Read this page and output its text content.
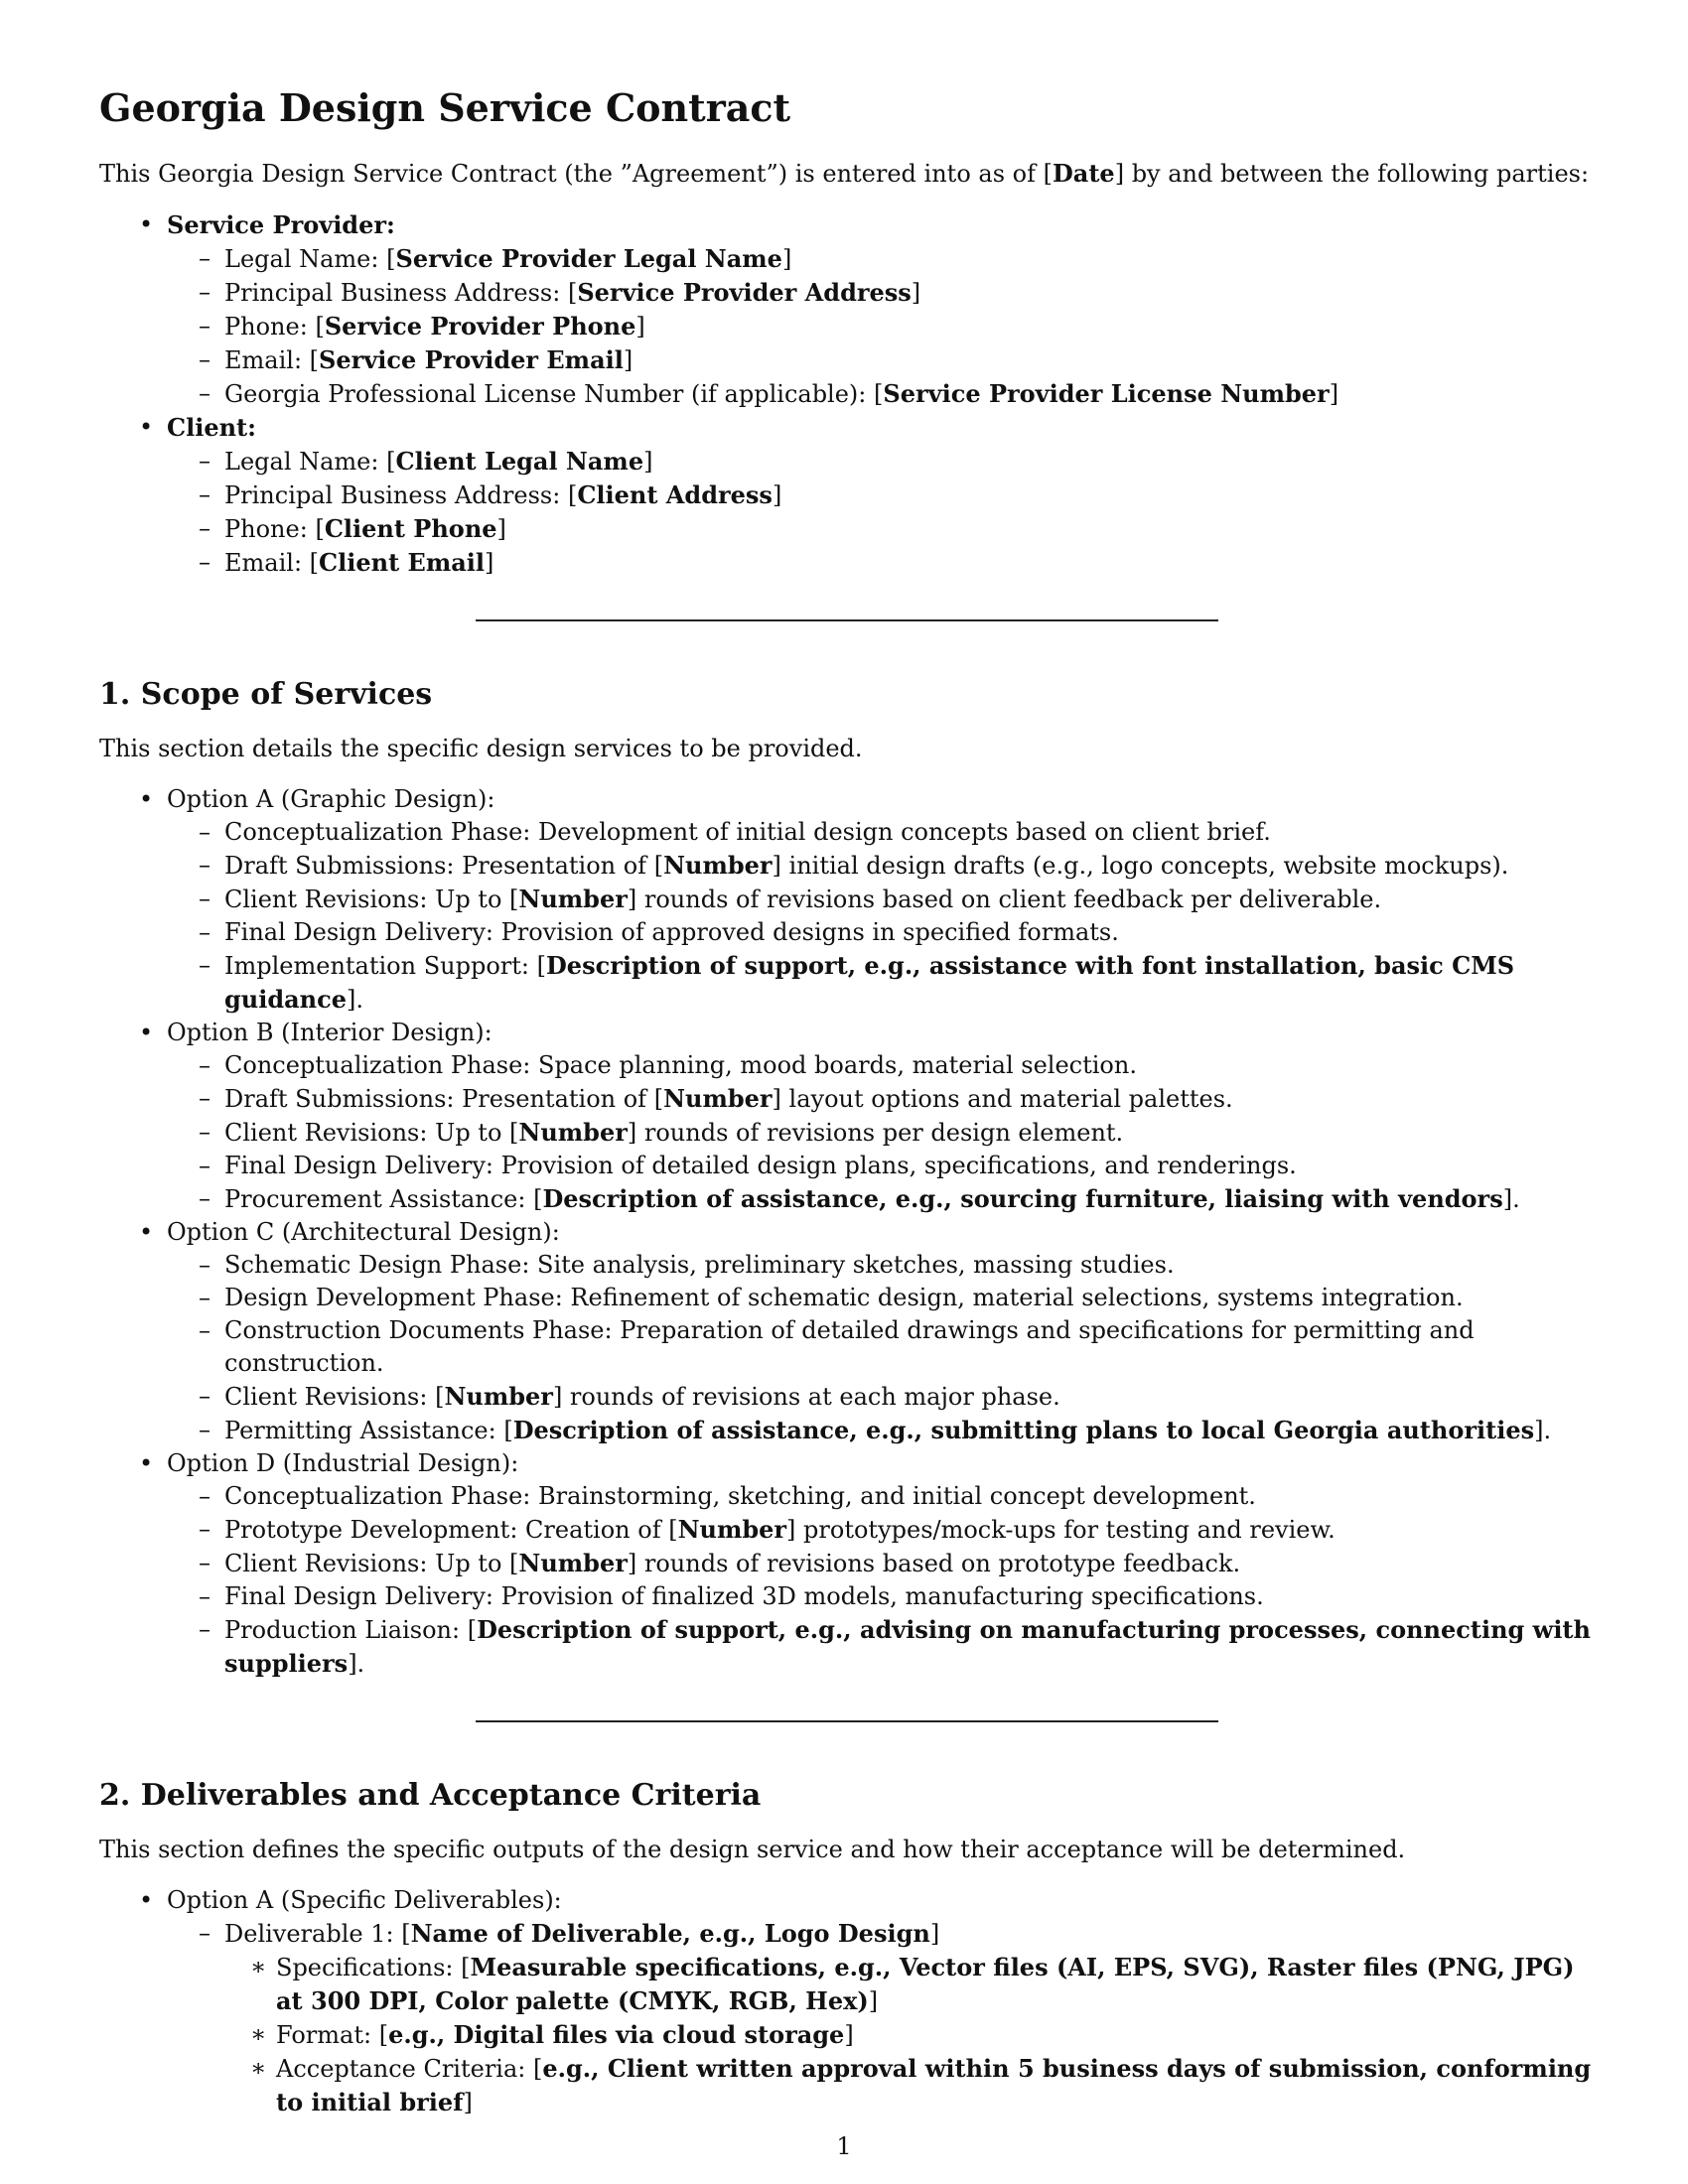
Georgia Design Service Contract

This Georgia Design Service Contract (the ”Agreement”) is entered into as of [Date] by and between the following parties:

• Service Provider:
– Legal Name: [Service Provider Legal Name]
– Principal Business Address: [Service Provider Address]
– Phone: [Service Provider Phone]
– Email: [Service Provider Email]
– Georgia Professional License Number (if applicable): [Service Provider License Number]
• Client:
– Legal Name: [Client Legal Name]
– Principal Business Address: [Client Address]
– Phone: [Client Phone]
– Email: [Client Email]
1. Scope of Services

This section details the specific design services to be provided.

• Option A (Graphic Design):
– Conceptualization Phase: Development of initial design concepts based on client brief.
– Draft Submissions: Presentation of [Number] initial design drafts (e.g., logo concepts, website mockups).
– Client Revisions: Up to [Number] rounds of revisions based on client feedback per deliverable.
– Final Design Delivery: Provision of approved designs in specified formats.
– Implementation Support: [Description of support, e.g., assistance with font installation, basic CMS guidance].
• Option B (Interior Design):
– Conceptualization Phase: Space planning, mood boards, material selection.
– Draft Submissions: Presentation of [Number] layout options and material palettes.
– Client Revisions: Up to [Number] rounds of revisions per design element.
– Final Design Delivery: Provision of detailed design plans, specifications, and renderings.
– Procurement Assistance: [Description of assistance, e.g., sourcing furniture, liaising with vendors].
• Option C (Architectural Design):
– Schematic Design Phase: Site analysis, preliminary sketches, massing studies.
– Design Development Phase: Refinement of schematic design, material selections, systems integration.
– Construction Documents Phase: Preparation of detailed drawings and specifications for permitting and construction.
– Client Revisions: [Number] rounds of revisions at each major phase.
– Permitting Assistance: [Description of assistance, e.g., submitting plans to local Georgia authorities].
• Option D (Industrial Design):
– Conceptualization Phase: Brainstorming, sketching, and initial concept development.
– Prototype Development: Creation of [Number] prototypes/mock-ups for testing and review.
– Client Revisions: Up to [Number] rounds of revisions based on prototype feedback.
– Final Design Delivery: Provision of finalized 3D models, manufacturing specifications.
– Production Liaison: [Description of support, e.g., advising on manufacturing processes, connecting with suppliers].
2. Deliverables and Acceptance Criteria

This section defines the specific outputs of the design service and how their acceptance will be determined.

• Option A (Specific Deliverables):
– Deliverable 1: [Name of Deliverable, e.g., Logo Design]
∗ Specifications: [Measurable specifications, e.g., Vector files (AI, EPS, SVG), Raster files (PNG, JPG) at 300 DPI, Color palette (CMYK, RGB, Hex)]
∗ Format: [e.g., Digital files via cloud storage]
∗ Acceptance Criteria: [e.g., Client written approval within 5 business days of submission, conforming to initial brief]
1
